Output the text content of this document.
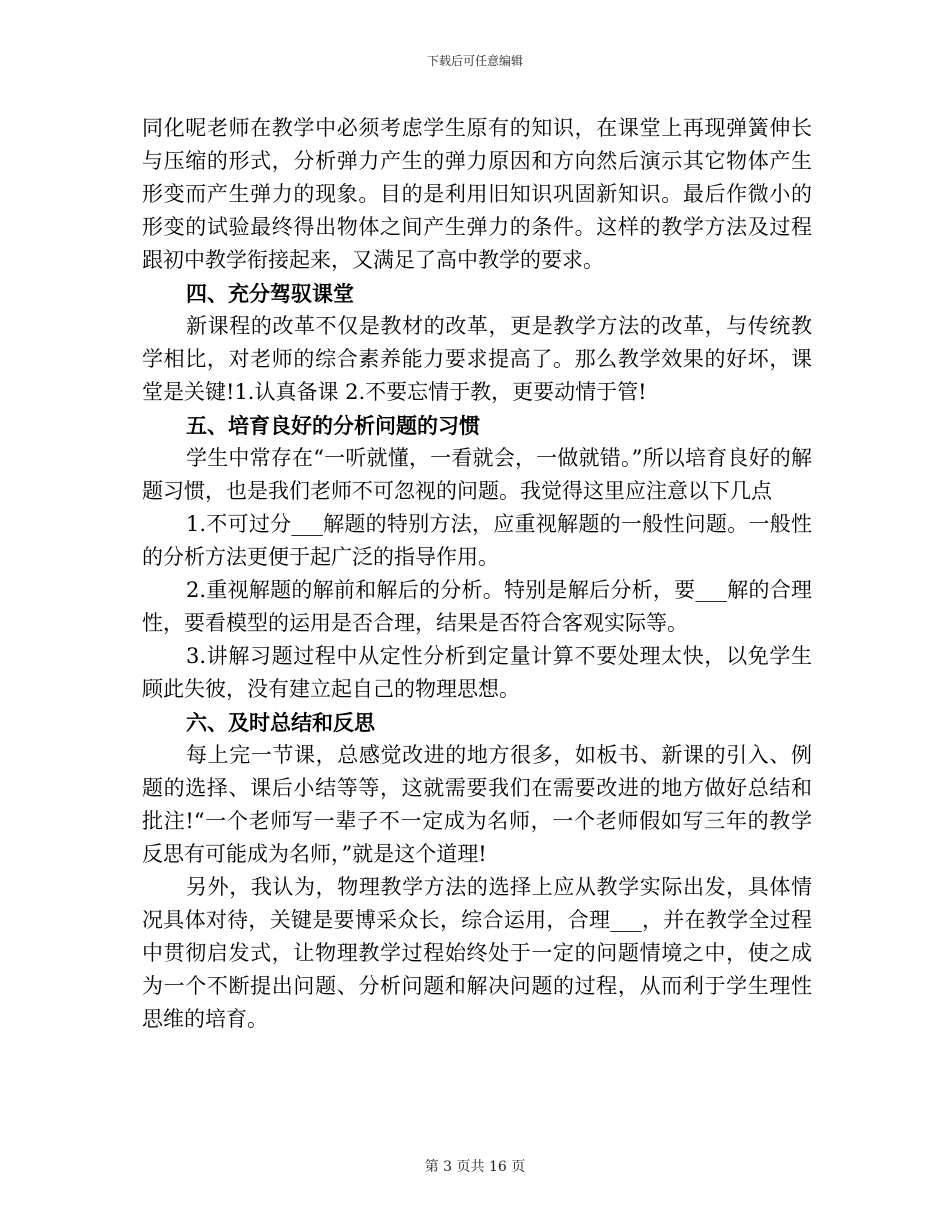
下载后可任意编辑

同化呢老师在教学中必须考虑学生原有的知识，在课堂上再现弹簧伸长与压缩的形式，分析弹力产生的弹力原因和方向然后演示其它物体产生形变而产生弹力的现象。目的是利用旧知识巩固新知识。最后作微小的形变的试验最终得出物体之间产生弹力的条件。这样的教学方法及过程跟初中教学衔接起来，又满足了高中教学的要求。

四、充分驾驭课堂

新课程的改革不仅是教材的改革，更是教学方法的改革，与传统教学相比，对老师的综合素养能力要求提高了。那么教学效果的好坏，课堂是关键!1.认真备课 2.不要忘情于教，更要动情于管!

五、培育良好的分析问题的习惯

学生中常存在“一听就懂，一看就会，一做就错。”所以培育良好的解题习惯，也是我们老师不可忽视的问题。我觉得这里应注意以下几点

1.不可过分___解题的特别方法，应重视解题的一般性问题。一般性的分析方法更便于起广泛的指导作用。

2.重视解题的解前和解后的分析。特别是解后分析，要___解的合理性，要看模型的运用是否合理，结果是否符合客观实际等。

3.讲解习题过程中从定性分析到定量计算不要处理太快，以免学生顾此失彼，没有建立起自己的物理思想。

六、及时总结和反思

每上完一节课，总感觉改进的地方很多，如板书、新课的引入、例题的选择、课后小结等等，这就需要我们在需要改进的地方做好总结和批注!“一个老师写一辈子不一定成为名师，一个老师假如写三年的教学反思有可能成为名师，”就是这个道理!

另外，我认为，物理教学方法的选择上应从教学实际出发，具体情况具体对待，关键是要博采众长，综合运用，合理___，并在教学全过程中贯彻启发式，让物理教学过程始终处于一定的问题情境之中，使之成为一个不断提出问题、分析问题和解决问题的过程，从而利于学生理性思维的培育。

第 3 页共 16 页
